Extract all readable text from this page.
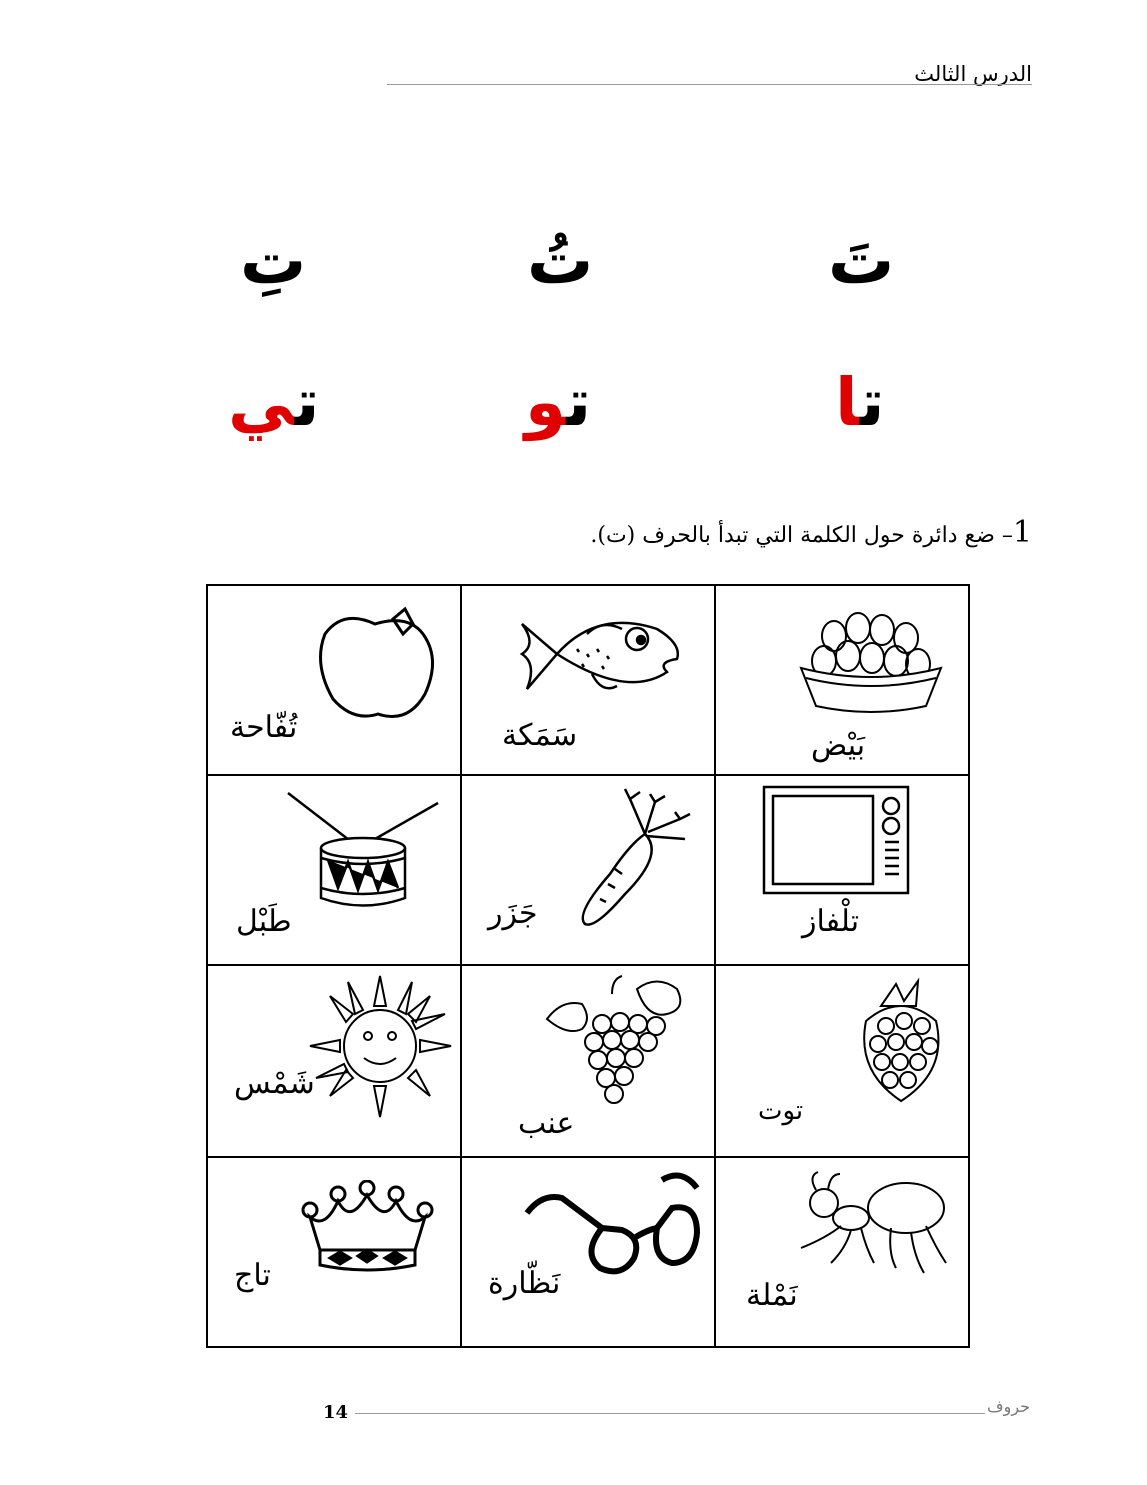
الدرس الثالث
تَ
تُ
تِ
تا
تو
تي
1– ضع دائرة حول الكلمة التي تبدأ بالحرف (ت).
بَيْض
سَمَكة
تُفّاحة
تلْفاز
جَزَر
طَبْل
توت
عنب
شَمْس
نَمْلة
نَظّارة
تاج
14	حروف
